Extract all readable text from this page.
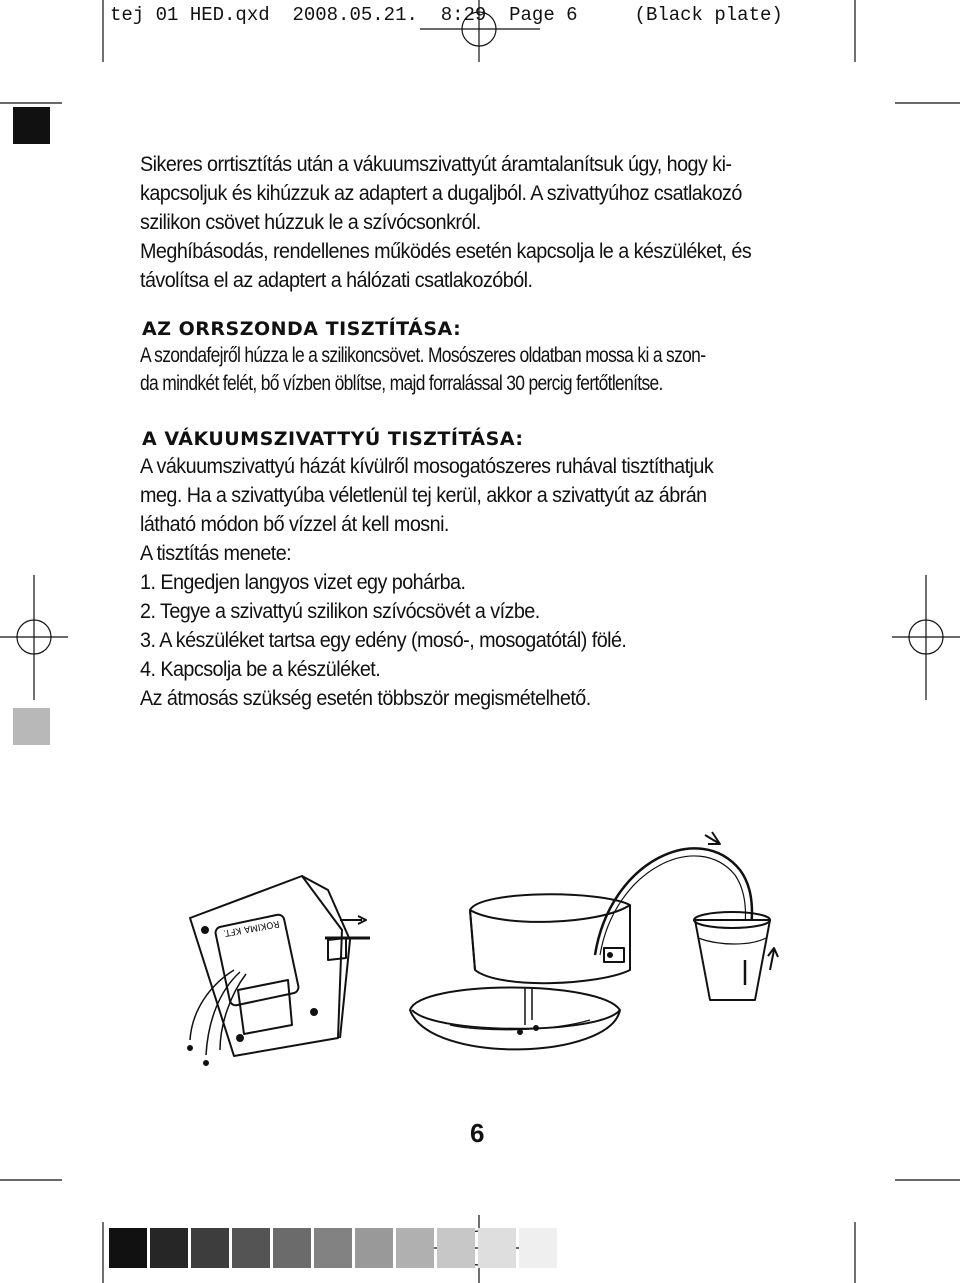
tej 01 HED.qxd 2008.05.21. 8:29 Page 6	(Black plate)
Sikeres orrtisztítás után a vákuumszivattyút áramtalanítsuk úgy, hogy ki-
kapcsoljuk és kihúzzuk az adaptert a dugaljból. A szivattyúhoz csatlakozó
szilikon csövet húzzuk le a szívócsonkról.
Meghíbásodás, rendellenes működés esetén kapcsolja le a készüléket, és
távolítsa el az adaptert a hálózati csatlakozóból.
AZ ORRSZONDA TISZTÍTÁSA:
A szondafejről húzza le a szilikoncsövet. Mosószeres oldatban mossa ki a szon-
da mindkét felét, bő vízben öblítse, majd forralással 30 percig fertőtlenítse.
A VÁKUUMSZIVATTYÚ TISZTÍTÁSA:
A vákuumszivattyú házát kívülről mosogatószeres ruhával tisztíthatjuk
meg. Ha a szivattyúba véletlenül tej kerül, akkor a szivattyút az ábrán
látható módon bő vízzel át kell mosni.
A tisztítás menete:
1. Engedjen langyos vizet egy pohárba.
2. Tegye a szivattyú szilikon szívócsövét a vízbe.
3. A készüléket tartsa egy edény (mosó-, mosogatótál) fölé.
4. Kapcsolja be a készüléket.
Az átmosás szükség esetén többször megismételhető.
ROKIMA KFT.
6
